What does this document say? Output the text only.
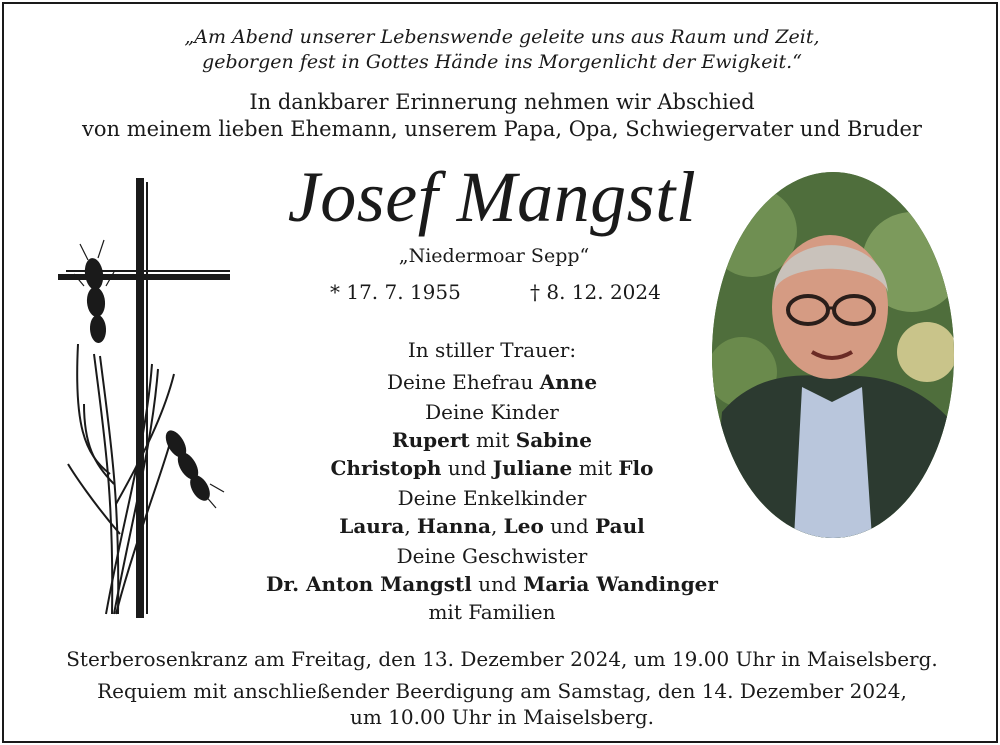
„Am Abend unserer Lebenswende geleite uns aus Raum und Zeit,
geborgen fest in Gottes Hände ins Morgenlicht der Ewigkeit.“
In dankbarer Erinnerung nehmen wir Abschied
von meinem lieben Ehemann, unserem Papa, Opa, Schwiegervater und Bruder
Josef Mangstl
„Niedermoar Sepp“
* 17. 7. 1955	† 8. 12. 2024
In stiller Trauer:
Deine Ehefrau Anne
Deine Kinder
Rupert mit Sabine
Christoph und Juliane mit Flo
Deine Enkelkinder
Laura, Hanna, Leo und Paul
Deine Geschwister
Dr. Anton Mangstl und Maria Wandinger
mit Familien
Sterberosenkranz am Freitag, den 13. Dezember 2024, um 19.00 Uhr in Maiselsberg.
Requiem mit anschließender Beerdigung am Samstag, den 14. Dezember 2024,
um 10.00 Uhr in Maiselsberg.
